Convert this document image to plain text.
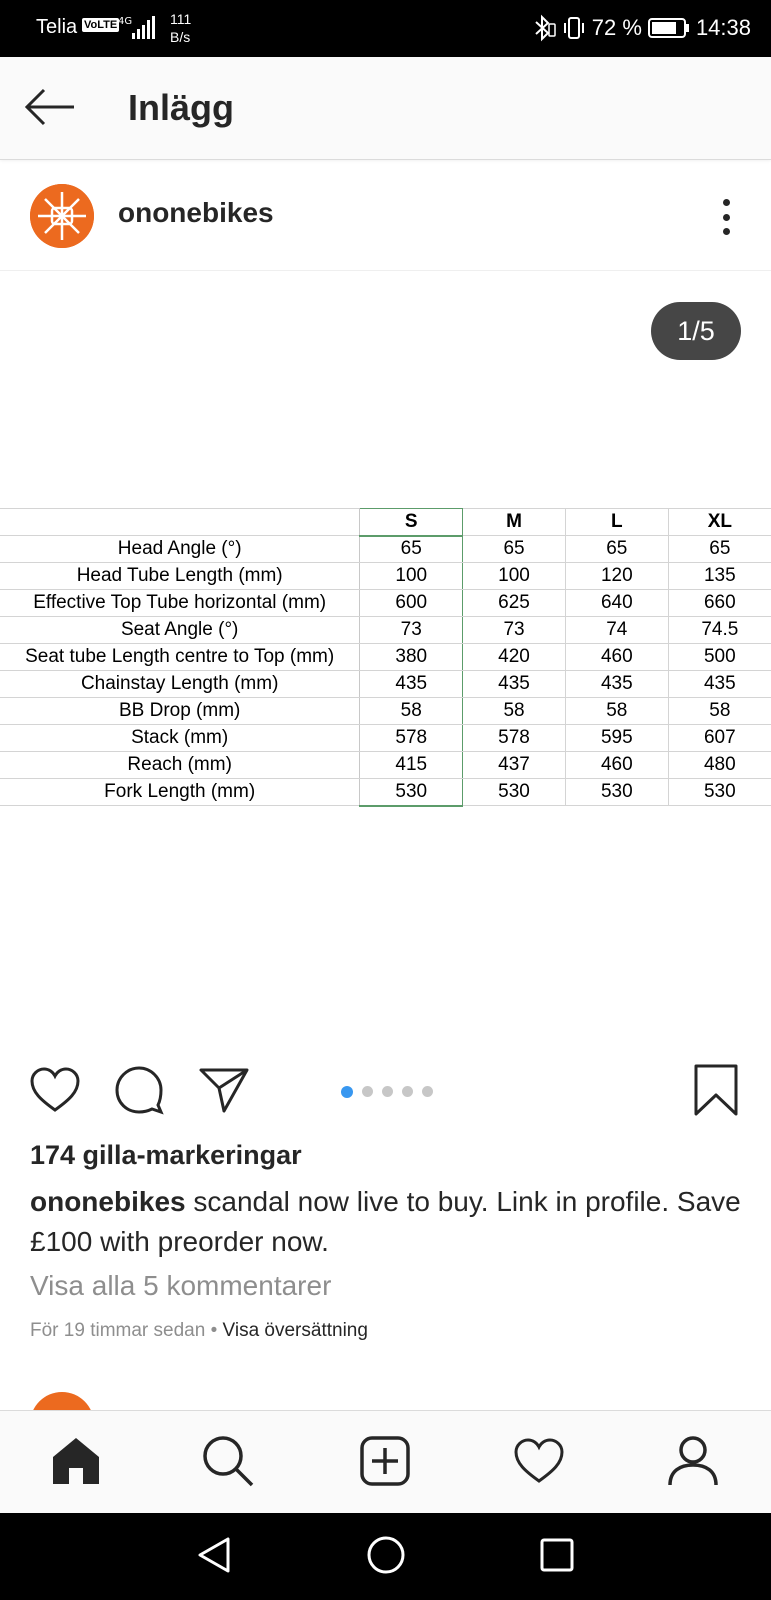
Telia VoLTE 4G	111
B/s	72 % 14:38
Inlägg
ononebikes
1/5
	S	M	L	XL
Head Angle (°)	65	65	65	65
Head Tube Length (mm)	100	100	120	135
Effective Top Tube horizontal (mm)	600	625	640	660
Seat Angle (°)	73	73	74	74.5
Seat tube Length centre to Top (mm)	380	420	460	500
Chainstay Length (mm)	435	435	435	435
BB Drop (mm)	58	58	58	58
Stack (mm)	578	578	595	607
Reach (mm)	415	437	460	480
Fork Length (mm)	530	530	530	530
174 gilla-markeringar
ononebikes scandal now live to buy. Link in profile. Save £100 with preorder now.
Visa alla 5 kommentarer
För 19 timmar sedan • Visa översättning
